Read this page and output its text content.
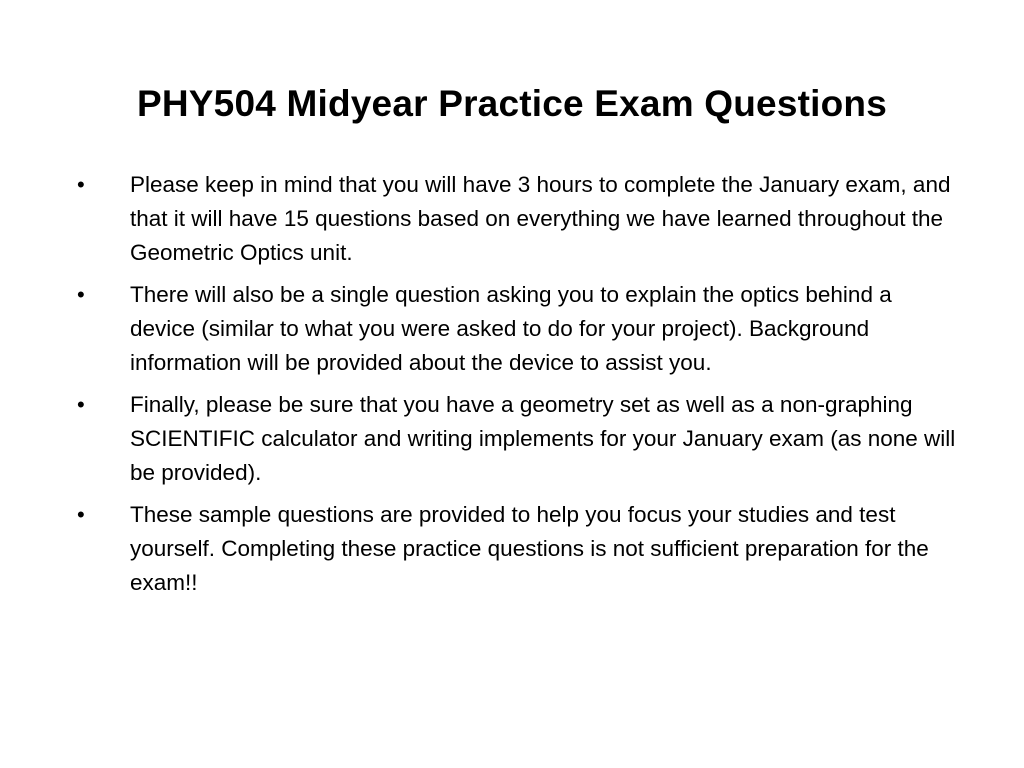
PHY504 Midyear Practice Exam Questions
•	Please keep in mind that you will have 3 hours to complete the January exam, and that it will have 15 questions based on everything we have learned throughout the Geometric Optics unit.
•	There will also be a single question asking you to explain the optics behind a device (similar to what you were asked to do for your project). Background information will be provided about the device to assist you.
•	Finally, please be sure that you have a geometry set as well as a non-graphing SCIENTIFIC calculator and writing implements for your January exam (as none will be provided).
•	These sample questions are provided to help you focus your studies and test yourself. Completing these practice questions is not sufficient preparation for the exam!!
